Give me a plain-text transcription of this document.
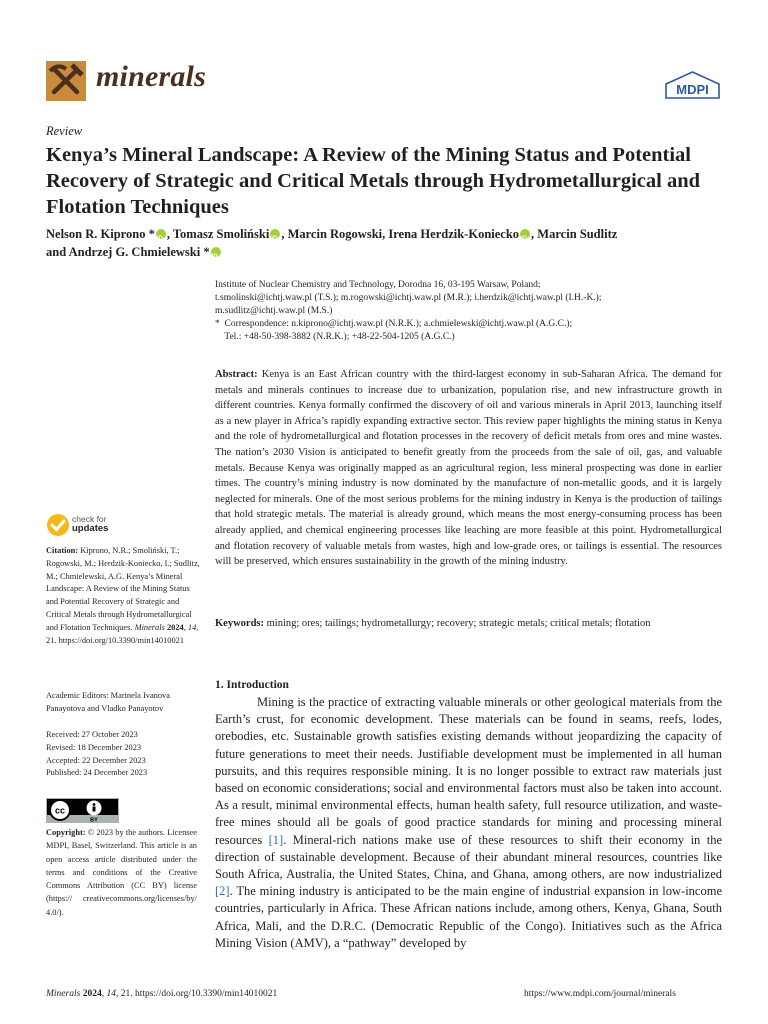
minerals	MDPI
Review
Kenya’s Mineral Landscape: A Review of the Mining Status and Potential Recovery of Strategic and Critical Metals through Hydrometallurgical and Flotation Techniques
Nelson R. Kiprono * iD , Tomasz Smoliński iD , Marcin Rogowski, Irena Herdzik-Koniecko iD , Marcin Sudlitz
and Andrzej G. Chmielewski *iD
Institute of Nuclear Chemistry and Technology, Dorodna 16, 03-195 Warsaw, Poland;
t.smolinski@ichtj.waw.pl (T.S.); m.rogowski@ichtj.waw.pl (M.R.); i.herdzik@ichtj.waw.pl (I.H.-K.);
m.sudlitz@ichtj.waw.pl (M.S.)
*  Correspondence: n.kiprono@ichtj.waw.pl (N.R.K.); a.chmielewski@ichtj.waw.pl (A.G.C.);
Tel.: +48-50-398-3882 (N.R.K.); +48-22-504-1205 (A.G.C.)
Abstract: Kenya is an East African country with the third-largest economy in sub-Saharan Africa. The demand for metals and minerals continues to increase due to urbanization, population rise, and new infrastructure growth in different countries. Kenya formally confirmed the discovery of oil and various minerals in April 2013, launching itself as a new player in Africa’s rapidly expanding extractive sector. This review paper highlights the mining status in Kenya and the role of hydrometallurgical and flotation processes in the recovery of deficit metals from ores and mine wastes. The nation’s 2030 Vision is anticipated to benefit greatly from the proceeds from the sale of oil, gas, and valuable metals. Because Kenya was originally mapped as an agricultural region, less mineral prospecting was done in earlier times. The country’s mining industry is now dominated by the manufacture of non-metallic goods, and it is largely neglected for minerals. One of the most serious problems for the mining industry in Kenya is the production of tailings that hold strategic metals. The material is already ground, which means the most energy-consuming process has been already applied, and chemical engineering processes like leaching are more feasible at this point. Hydrometallurgical and flotation recovery of valuable metals from wastes, high and low-grade ores, or tailings is essential. The resources will be preserved, which ensures sustainability in the growth of the mining industry.
Keywords: mining; ores; tailings; hydrometallurgy; recovery; strategic metals; critical metals; flotation
check for
updates
Citation: Kiprono, N.R.; Smoliński, T.; Rogowski, M.; Herdzik-Koniecko, I.; Sudlitz, M.; Chmielewski, A.G. Kenya’s Mineral Landscape: A Review of the Mining Status and Potential Recovery of Strategic and Critical Metals through Hydrometallurgical and Flotation Techniques. Minerals 2024, 14, 21. https://doi.org/10.3390/min14010021
Academic Editors: Marinela Ivanova Panayotova and Vladko Panayotov
Received: 27 October 2023
Revised: 18 December 2023
Accepted: 22 December 2023
Published: 24 December 2023
cc
BY
Copyright: © 2023 by the authors. Licensee MDPI, Basel, Switzerland. This article is an open access article distributed under the terms and conditions of the Creative Commons Attribution (CC BY) license (https:// creativecommons.org/licenses/by/ 4.0/).
1. Introduction
Mining is the practice of extracting valuable minerals or other geological materials from the Earth’s crust, for economic development. These materials can be found in seams, reefs, lodes, orebodies, etc. Sustainable growth satisfies existing demands without jeopardizing the capacity of future generations to meet their needs. Justifiable development must be implemented in all human pursuits, and this requires responsible mining. It is no longer possible to extract raw materials just based on economic considerations; social and environmental factors must also be taken into account. As a result, minimal environmental effects, human health safety, full resource utilization, and waste-free mines should all be goals of good practice standards for mining and processing mineral resources [1]. Mineral-rich nations make use of these resources to shift their economy in the direction of sustainable development. Because of their abundant mineral resources, countries like South Africa, Australia, the United States, China, and Ghana, among others, are now industrialized [2]. The mining industry is anticipated to be the main engine of industrial expansion in low-income countries, particularly in Africa. These African nations include, among others, Kenya, Ghana, South Africa, Mali, and the D.R.C. (Democratic Republic of the Congo). Initiatives such as the Africa Mining Vision (AMV), a “pathway” developed by
Minerals 2024, 14, 21. https://doi.org/10.3390/min14010021	https://www.mdpi.com/journal/minerals
